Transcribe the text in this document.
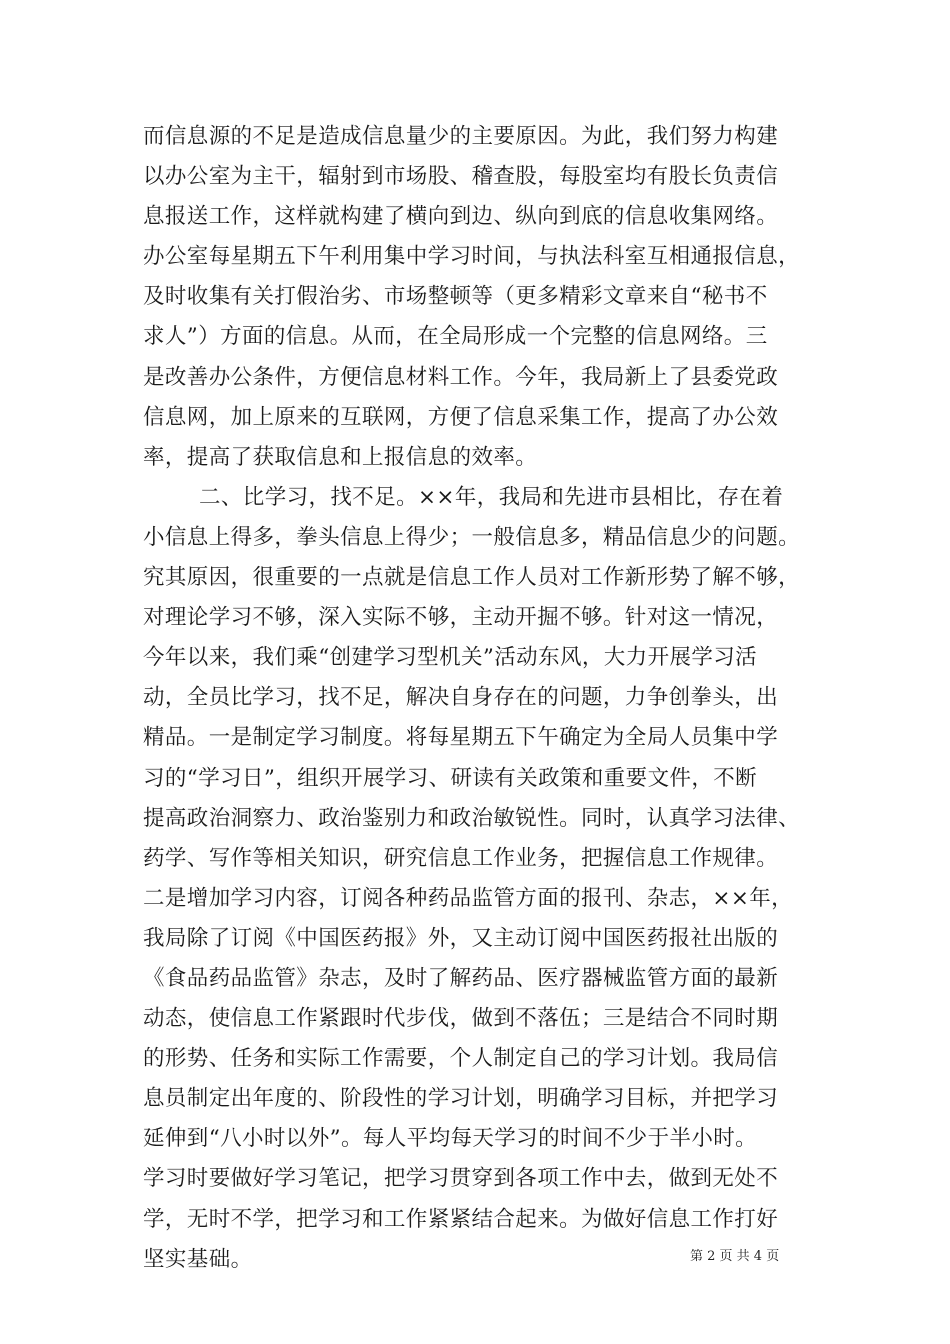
而信息源的不足是造成信息量少的主要原因。为此，我们努力构建
以办公室为主干，辐射到市场股、稽查股，每股室均有股长负责信
息报送工作，这样就构建了横向到边、纵向到底的信息收集网络。
办公室每星期五下午利用集中学习时间，与执法科室互相通报信息，
及时收集有关打假治劣、市场整顿等（更多精彩文章来自“秘书不
求人”）方面的信息。从而，在全局形成一个完整的信息网络。三
是改善办公条件，方便信息材料工作。今年，我局新上了县委党政
信息网，加上原来的互联网，方便了信息采集工作，提高了办公效
率，提高了获取信息和上报信息的效率。
二、比学习，找不足。××年，我局和先进市县相比，存在着
小信息上得多，拳头信息上得少；一般信息多，精品信息少的问题。
究其原因，很重要的一点就是信息工作人员对工作新形势了解不够，
对理论学习不够，深入实际不够，主动开掘不够。针对这一情况，
今年以来，我们乘“创建学习型机关”活动东风，大力开展学习活
动，全员比学习，找不足，解决自身存在的问题，力争创拳头，出
精品。一是制定学习制度。将每星期五下午确定为全局人员集中学
习的“学习日”，组织开展学习、研读有关政策和重要文件，不断
提高政治洞察力、政治鉴别力和政治敏锐性。同时，认真学习法律、
药学、写作等相关知识，研究信息工作业务，把握信息工作规律。
二是增加学习内容，订阅各种药品监管方面的报刊、杂志，××年，
我局除了订阅《中国医药报》外，又主动订阅中国医药报社出版的
《食品药品监管》杂志，及时了解药品、医疗器械监管方面的最新
动态，使信息工作紧跟时代步伐，做到不落伍；三是结合不同时期
的形势、任务和实际工作需要，个人制定自己的学习计划。我局信
息员制定出年度的、阶段性的学习计划，明确学习目标，并把学习
延伸到“八小时以外”。每人平均每天学习的时间不少于半小时。
学习时要做好学习笔记，把学习贯穿到各项工作中去，做到无处不
学，无时不学，把学习和工作紧紧结合起来。为做好信息工作打好
坚实基础。	第 2 页 共 4 页
